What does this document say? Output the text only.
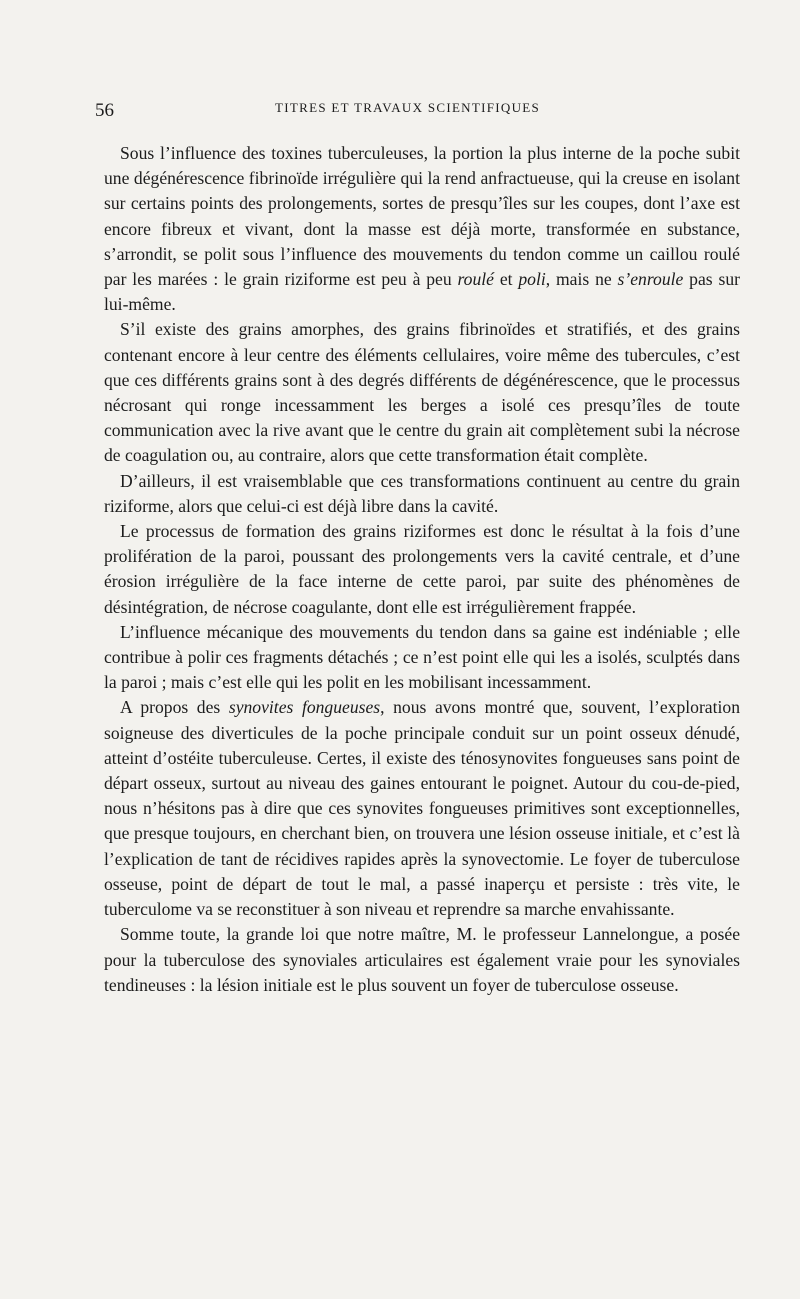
56	TITRES ET TRAVAUX SCIENTIFIQUES

Sous l’influence des toxines tuberculeuses, la portion la plus interne de la poche subit une dégénérescence fibrinoïde irrégulière qui la rend anfractueuse, qui la creuse en isolant sur certains points des prolongements, sortes de presqu’îles sur les coupes, dont l’axe est encore fibreux et vivant, dont la masse est déjà morte, transformée en substance, s’arrondit, se polit sous l’influence des mouvements du tendon comme un caillou roulé par les marées : le grain riziforme est peu à peu roulé et poli, mais ne s’enroule pas sur lui-même.

S’il existe des grains amorphes, des grains fibrinoïdes et stratifiés, et des grains contenant encore à leur centre des éléments cellulaires, voire même des tubercules, c’est que ces différents grains sont à des degrés différents de dégénérescence, que le processus nécrosant qui ronge incessamment les berges a isolé ces presqu’îles de toute communication avec la rive avant que le centre du grain ait complètement subi la nécrose de coagulation ou, au contraire, alors que cette transformation était complète.

D’ailleurs, il est vraisemblable que ces transformations continuent au centre du grain riziforme, alors que celui-ci est déjà libre dans la cavité.

Le processus de formation des grains riziformes est donc le résultat à la fois d’une prolifération de la paroi, poussant des prolongements vers la cavité centrale, et d’une érosion irrégulière de la face interne de cette paroi, par suite des phénomènes de désintégration, de nécrose coagulante, dont elle est irrégulièrement frappée.

L’influence mécanique des mouvements du tendon dans sa gaine est indéniable ; elle contribue à polir ces fragments détachés ; ce n’est point elle qui les a isolés, sculptés dans la paroi ; mais c’est elle qui les polit en les mobilisant incessamment.

A propos des synovites fongueuses, nous avons montré que, souvent, l’exploration soigneuse des diverticules de la poche principale conduit sur un point osseux dénudé, atteint d’ostéite tuberculeuse. Certes, il existe des ténosynovites fongueuses sans point de départ osseux, surtout au niveau des gaines entourant le poignet. Autour du cou-de-pied, nous n’hésitons pas à dire que ces synovites fongueuses primitives sont exceptionnelles, que presque toujours, en cherchant bien, on trouvera une lésion osseuse initiale, et c’est là l’explication de tant de récidives rapides après la synovectomie. Le foyer de tuberculose osseuse, point de départ de tout le mal, a passé inaperçu et persiste : très vite, le tuberculome va se reconstituer à son niveau et reprendre sa marche envahissante.

Somme toute, la grande loi que notre maître, M. le professeur Lannelongue, a posée pour la tuberculose des synoviales articulaires est également vraie pour les synoviales tendineuses : la lésion initiale est le plus souvent un foyer de tuberculose osseuse.
